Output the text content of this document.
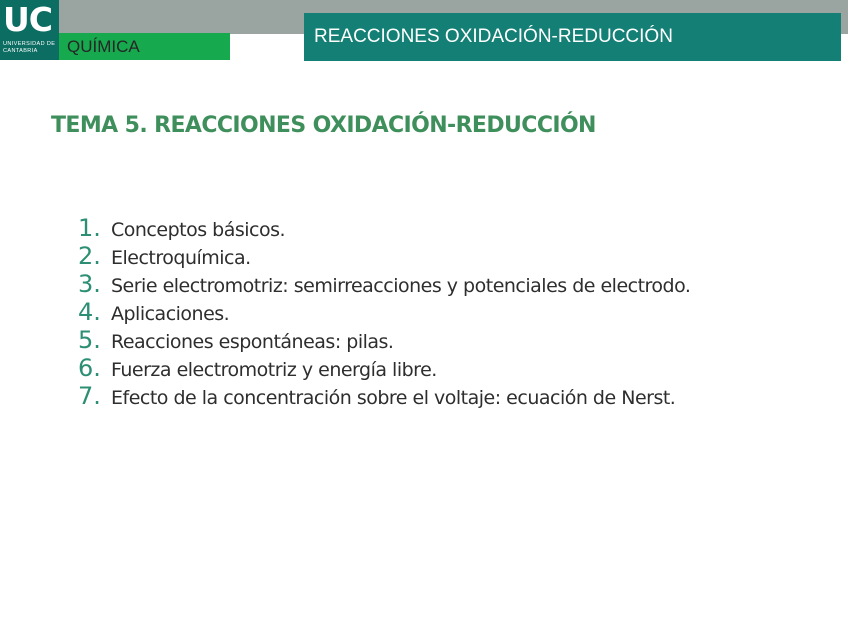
UC
UNIVERSIDAD DE CANTABRIA	QUÍMICA	REACCIONES OXIDACIÓN-REDUCCIÓN
TEMA 5. REACCIONES OXIDACIÓN-REDUCCIÓN
1. Conceptos básicos.
2. Electroquímica.
3. Serie electromotriz: semirreacciones y potenciales de electrodo.
4. Aplicaciones.
5. Reacciones espontáneas: pilas.
6. Fuerza electromotriz y energía libre.
7. Efecto de la concentración sobre el voltaje: ecuación de Nerst.
